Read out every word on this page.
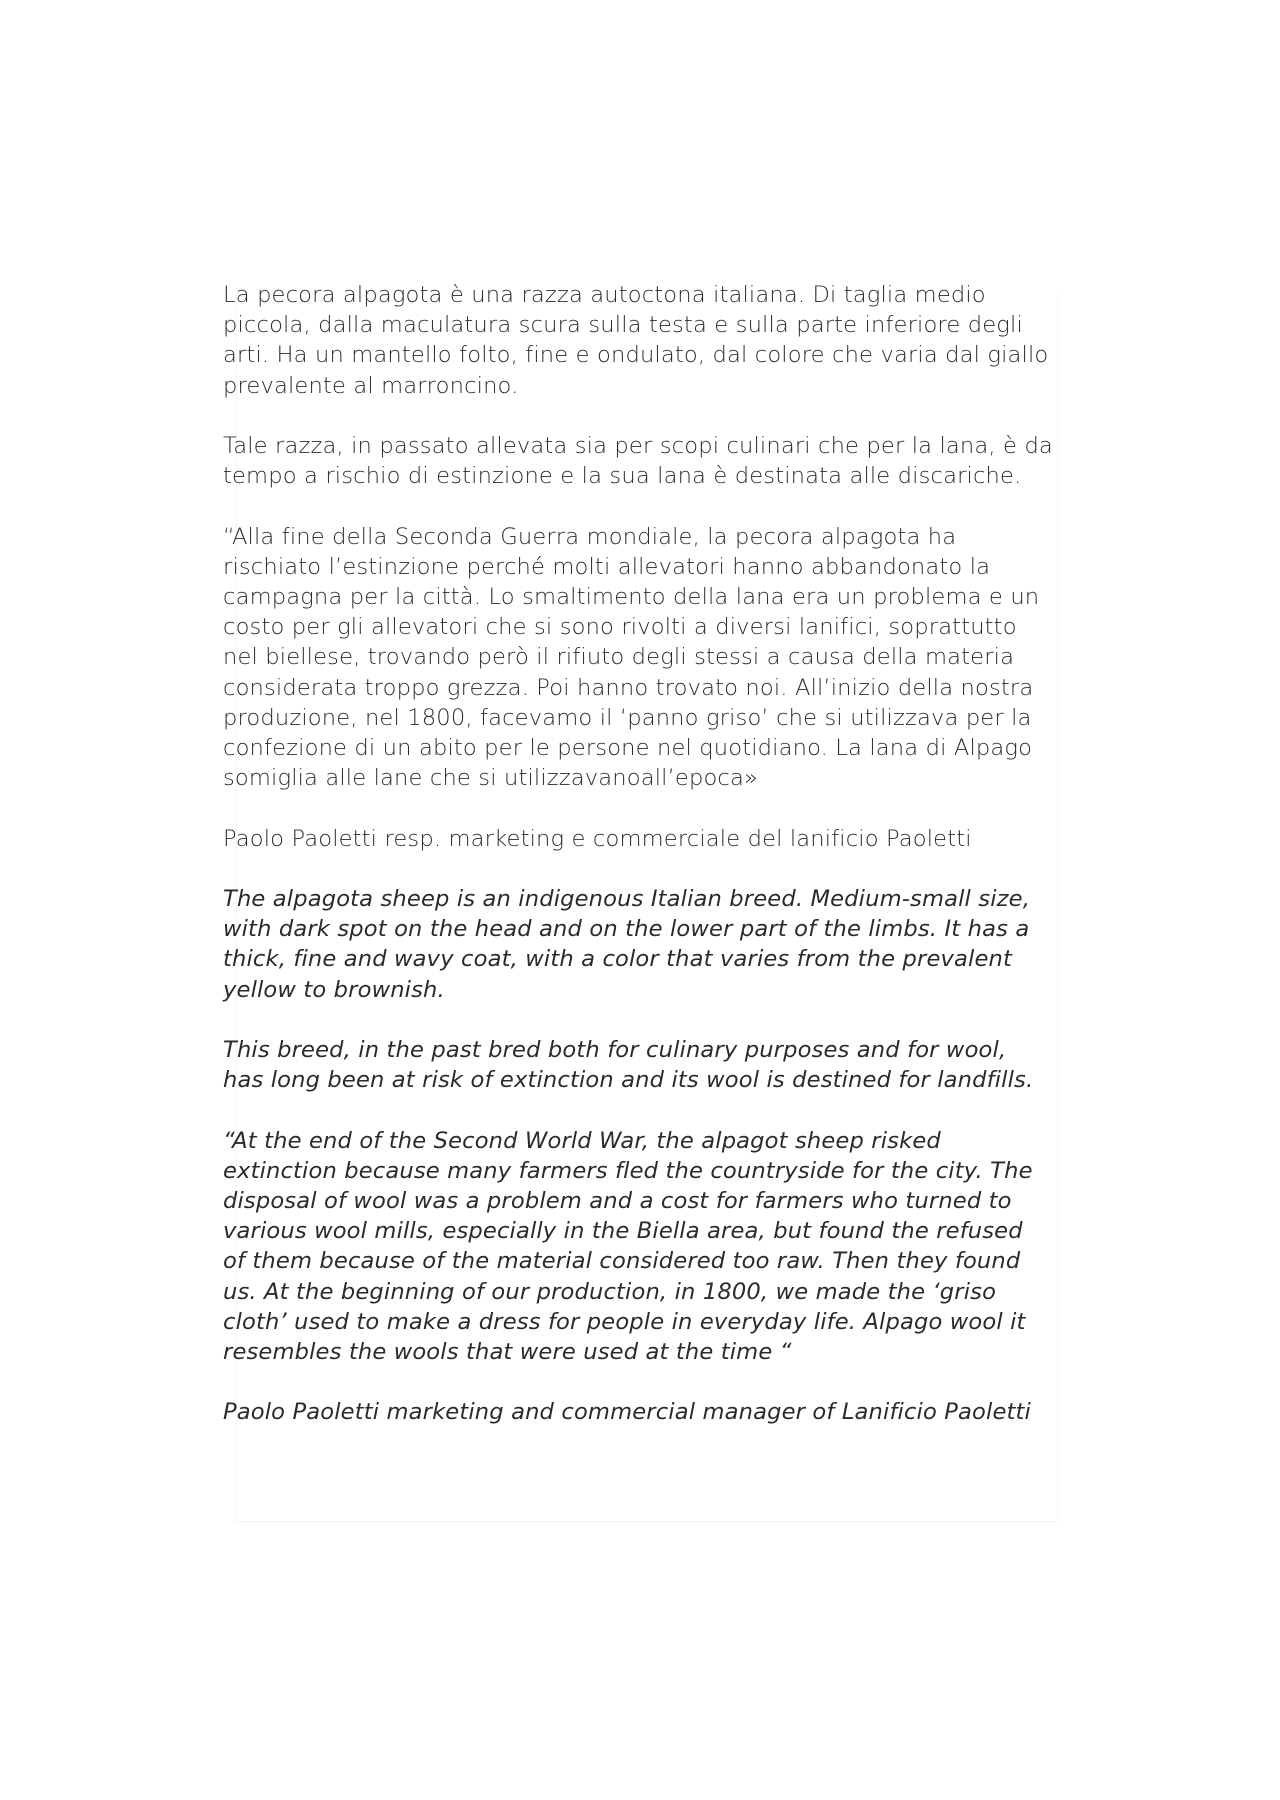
La pecora alpagota è una razza autoctona italiana. Di taglia medio
piccola, dalla maculatura scura sulla testa e sulla parte inferiore degli
arti. Ha un mantello folto, fine e ondulato, dal colore che varia dal giallo
prevalente al marroncino.

Tale razza, in passato allevata sia per scopi culinari che per la lana, è da
tempo a rischio di estinzione e la sua lana è destinata alle discariche.

“Alla fine della Seconda Guerra mondiale, la pecora alpagota ha
rischiato l’estinzione perché molti allevatori hanno abbandonato la
campagna per la città. Lo smaltimento della lana era un problema e un
costo per gli allevatori che si sono rivolti a diversi lanifici, soprattutto
nel biellese, trovando però il rifiuto degli stessi a causa della materia
considerata troppo grezza. Poi hanno trovato noi. All’inizio della nostra
produzione, nel 1800, facevamo il ‘panno griso’ che si utilizzava per la
confezione di un abito per le persone nel quotidiano. La lana di Alpago
somiglia alle lane che si utilizzavanoall’epoca»

Paolo Paoletti resp. marketing e commerciale del lanificio Paoletti

The alpagota sheep is an indigenous Italian breed. Medium-small size,
with dark spot on the head and on the lower part of the limbs. It has a
thick, fine and wavy coat, with a color that varies from the prevalent
yellow to brownish.

This breed, in the past bred both for culinary purposes and for wool,
has long been at risk of extinction and its wool is destined for landfills.

“At the end of the Second World War, the alpagot sheep risked
extinction because many farmers fled the countryside for the city. The
disposal of wool was a problem and a cost for farmers who turned to
various wool mills, especially in the Biella area, but found the refused
of them because of the material considered too raw. Then they found
us. At the beginning of our production, in 1800, we made the ‘griso
cloth’ used to make a dress for people in everyday life. Alpago wool it
resembles the wools that were used at the time “

Paolo Paoletti marketing and commercial manager of Lanificio Paoletti
